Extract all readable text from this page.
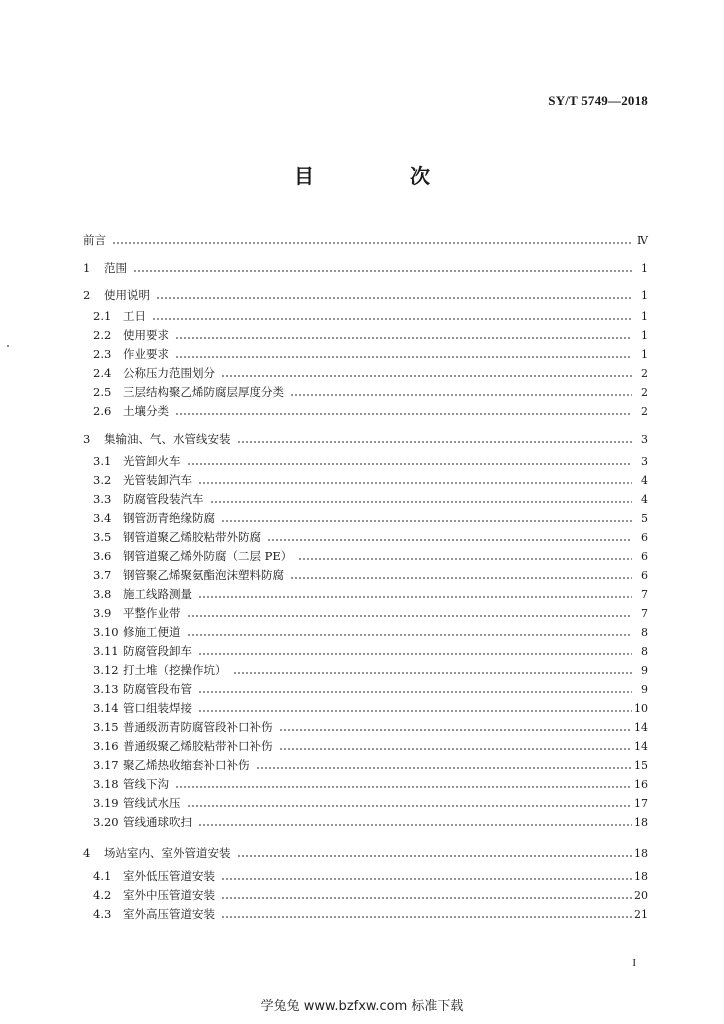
SY/T 5749—2018
目　次
前言	Ⅳ
1	范围	1
2	使用说明	1
2.1	工日	1
2.2	使用要求	1
2.3	作业要求	1
2.4	公称压力范围划分	2
2.5	三层结构聚乙烯防腐层厚度分类	2
2.6	土壤分类	2
3	集输油、气、水管线安装	3
3.1	光管卸火车	3
3.2	光管装卸汽车	4
3.3	防腐管段装汽车	4
3.4	钢管沥青绝缘防腐	5
3.5	钢管道聚乙烯胶粘带外防腐	6
3.6	钢管道聚乙烯外防腐（二层 PE）	6
3.7	钢管聚乙烯聚氨酯泡沫塑料防腐	6
3.8	施工线路测量	7
3.9	平整作业带	7
3.10 修施工便道	8
3.11 防腐管段卸车	8
3.12 打土堆（挖操作坑）	9
3.13 防腐管段布管	9
3.14 管口组装焊接	10
3.15 普通级沥青防腐管段补口补伤	14
3.16 普通级聚乙烯胶粘带补口补伤	14
3.17 聚乙烯热收缩套补口补伤	15
3.18 管线下沟	16
3.19 管线试水压	17
3.20 管线通球吹扫	18
4	场站室内、室外管道安装	18
4.1	室外低压管道安装	18
4.2	室外中压管道安装	20
4.3	室外高压管道安装	21
I
学兔兔 www.bzfxw.com 标准下载
